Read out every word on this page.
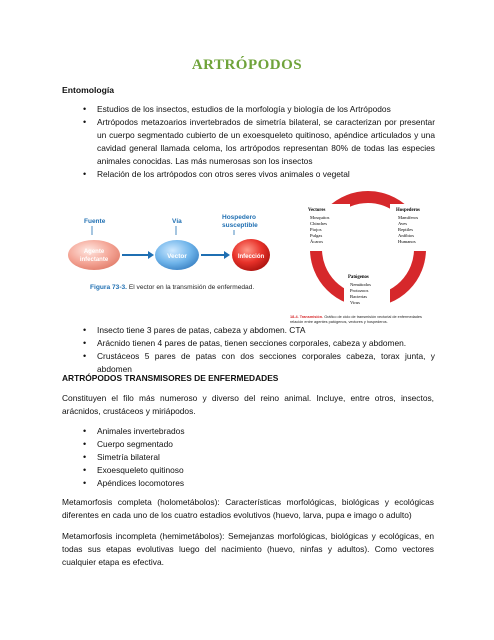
ARTRÓPODOS
Entomología
• Estudios de los insectos, estudios de la morfología y biología de los Artrópodos
• Artrópodos metazoarios invertebrados de simetría bilateral, se caracterizan por presentar un cuerpo segmentado cubierto de un exoesqueleto quitinoso, apéndice articulados y una cavidad general llamada celoma, los artrópodos representan 80% de todas las especies animales conocidas. Las más numerosas son los insectos
• Relación de los artrópodos con otros seres vivos animales o vegetal
Fuente	Vía
Hospedero
susceptible
Agente
infectante	Vector	Infección
Figura 73-3. El vector en la transmisión de enfermedad.
Vectores
Mosquitos
Chinches
Piojos
Pulgas
Ácaros
Hospederos
Mamíferos
Aves
Reptiles
Anfibios
Humanos
Patógenos
Nemátodos
Protozoos
Bacterias
Virus
18-4. Transmisión. Gráfico de ciclo de transmisión vectorial de enfermedades
relación entre agentes patógenos, vectores y hospederos.
• Insecto tiene 3 pares de patas, cabeza y abdomen. CTA
• Arácnido tienen 4 pares de patas, tienen secciones corporales, cabeza y abdomen.
• Crustáceos 5 pares de patas con dos secciones corporales cabeza, torax junta, y abdomen
ARTRÓPODOS TRANSMISORES DE ENFERMEDADES
Constituyen el filo más numeroso y diverso del reino animal. Incluye, entre otros, insectos, arácnidos, crustáceos y miriápodos.
• Animales invertebrados
• Cuerpo segmentado
• Simetría bilateral
• Exoesqueleto quitinoso
• Apéndices locomotores
Metamorfosis completa (holometábolos): Características morfológicas, biológicas y ecológicas diferentes en cada uno de los cuatro estadios evolutivos (huevo, larva, pupa e imago o adulto)
Metamorfosis incompleta (hemimetábolos): Semejanzas morfológicas, biológicas y ecológicas, en todas sus etapas evolutivas luego del nacimiento (huevo, ninfas y adultos). Como vectores cualquier etapa es efectiva.
